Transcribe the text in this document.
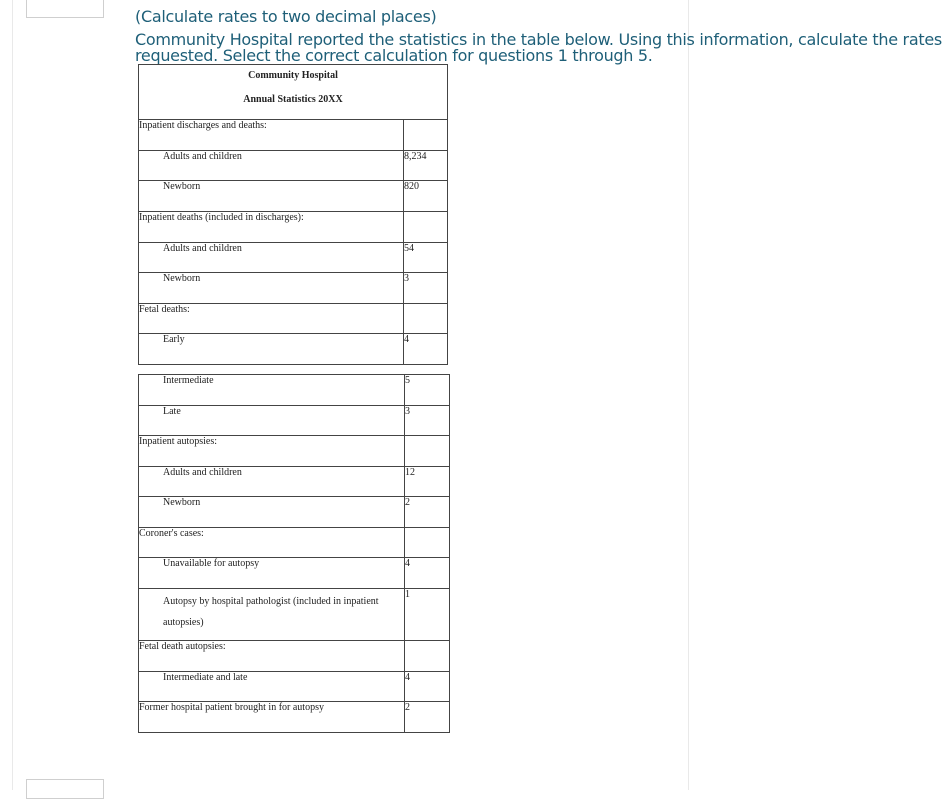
(Calculate rates to two decimal places)
Community Hospital reported the statistics in the table below. Using this information, calculate the rates
requested. Select the correct calculation for questions 1 through 5.
Community Hospital
Annual Statistics 20XX	

Inpatient discharges and deaths:	
Adults and children	8,234
Newborn	820
Inpatient deaths (included in discharges):	
Adults and children	54
Newborn	3
Fetal deaths:	
Early	4
Intermediate	5
Late	3
Inpatient autopsies:	
Adults and children	12
Newborn	2
Coroner's cases:	
Unavailable for autopsy	4
Autopsy by hospital pathologist (included in inpatient autopsies)	1
Fetal death autopsies:	
Intermediate and late	4
Former hospital patient brought in for autopsy	2
